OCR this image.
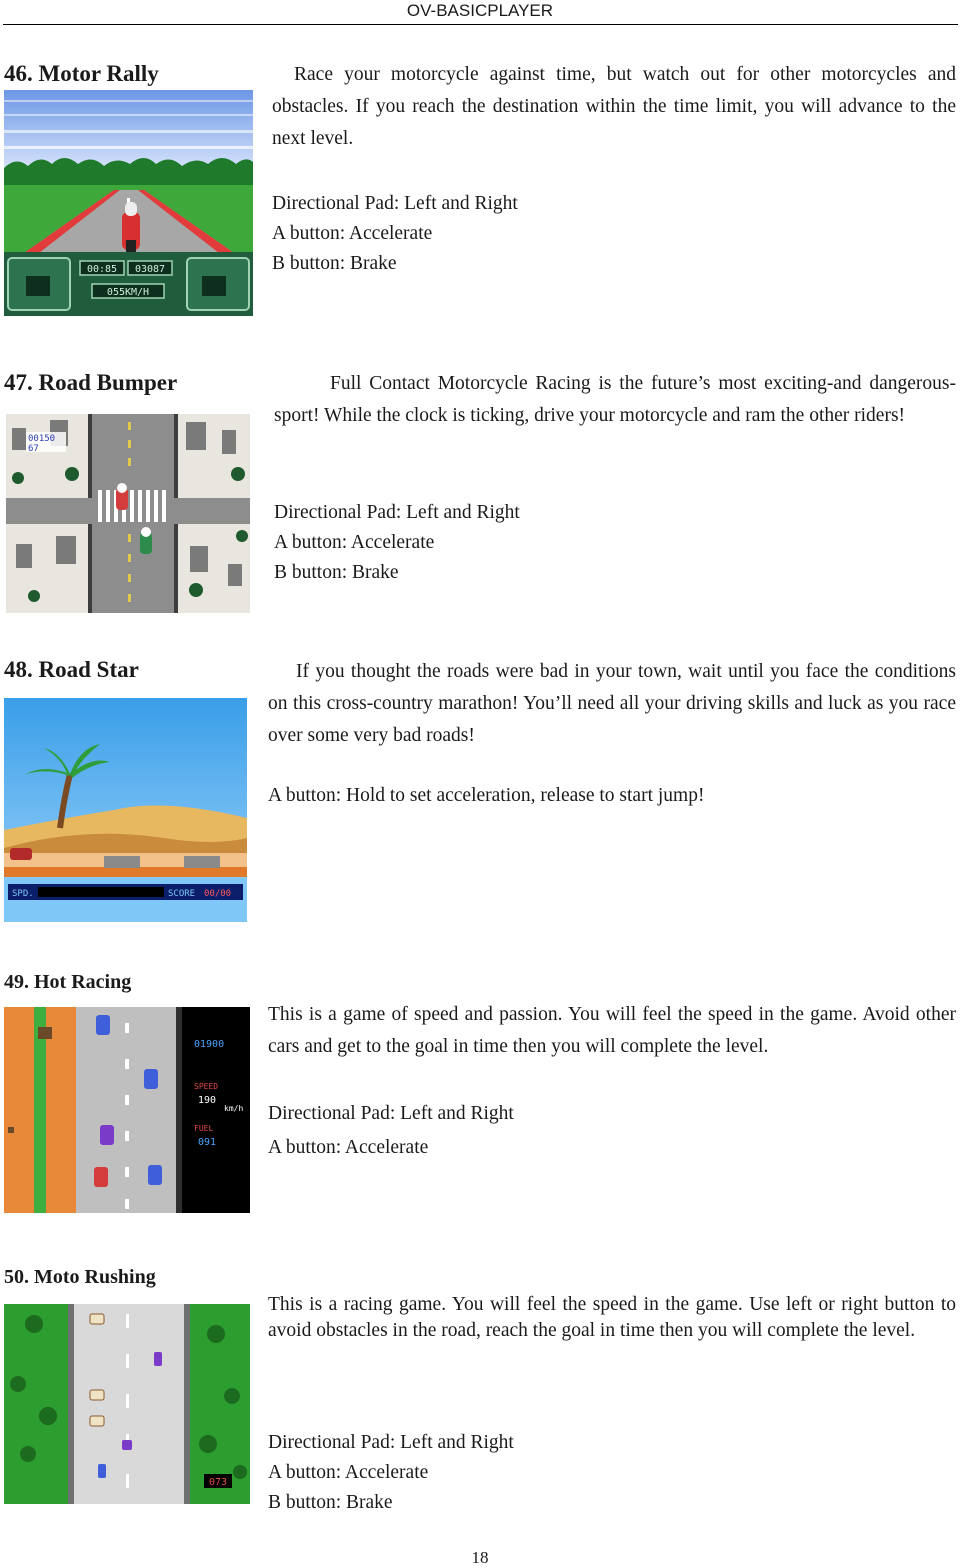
OV-BASICPLAYER
46. Motor Rally
00:85 03087
055KM/H
Race your motorcycle against time, but watch out for other motorcycles and obstacles. If you reach the destination within the time limit, you will advance to the next level.
Directional Pad: Left and Right
A button: Accelerate
B button: Brake
47. Road Bumper
00150
67
Full Contact Motorcycle Racing is the future’s most exciting-and dangerous-sport! While the clock is ticking, drive your motorcycle and ram the other riders!
Directional Pad: Left and Right
A button: Accelerate
B button: Brake
48. Road Star
SPD.	SCORE 00/00
If you thought the roads were bad in your town, wait until you face the conditions on this cross-country marathon! You’ll need all your driving skills and luck as you race over some very bad roads!
A button: Hold to set acceleration, release to start jump!
49. Hot Racing
01900
SPEED
190
km/h
FUEL
091
This is a game of speed and passion. You will feel the speed in the game. Avoid other cars and get to the goal in time then you will complete the level.
Directional Pad: Left and Right
A button: Accelerate
50. Moto Rushing
073
This is a racing game. You will feel the speed in the game. Use left or right button to avoid obstacles in the road, reach the goal in time then you will complete the level.
Directional Pad: Left and Right
A button: Accelerate
B button: Brake
18
